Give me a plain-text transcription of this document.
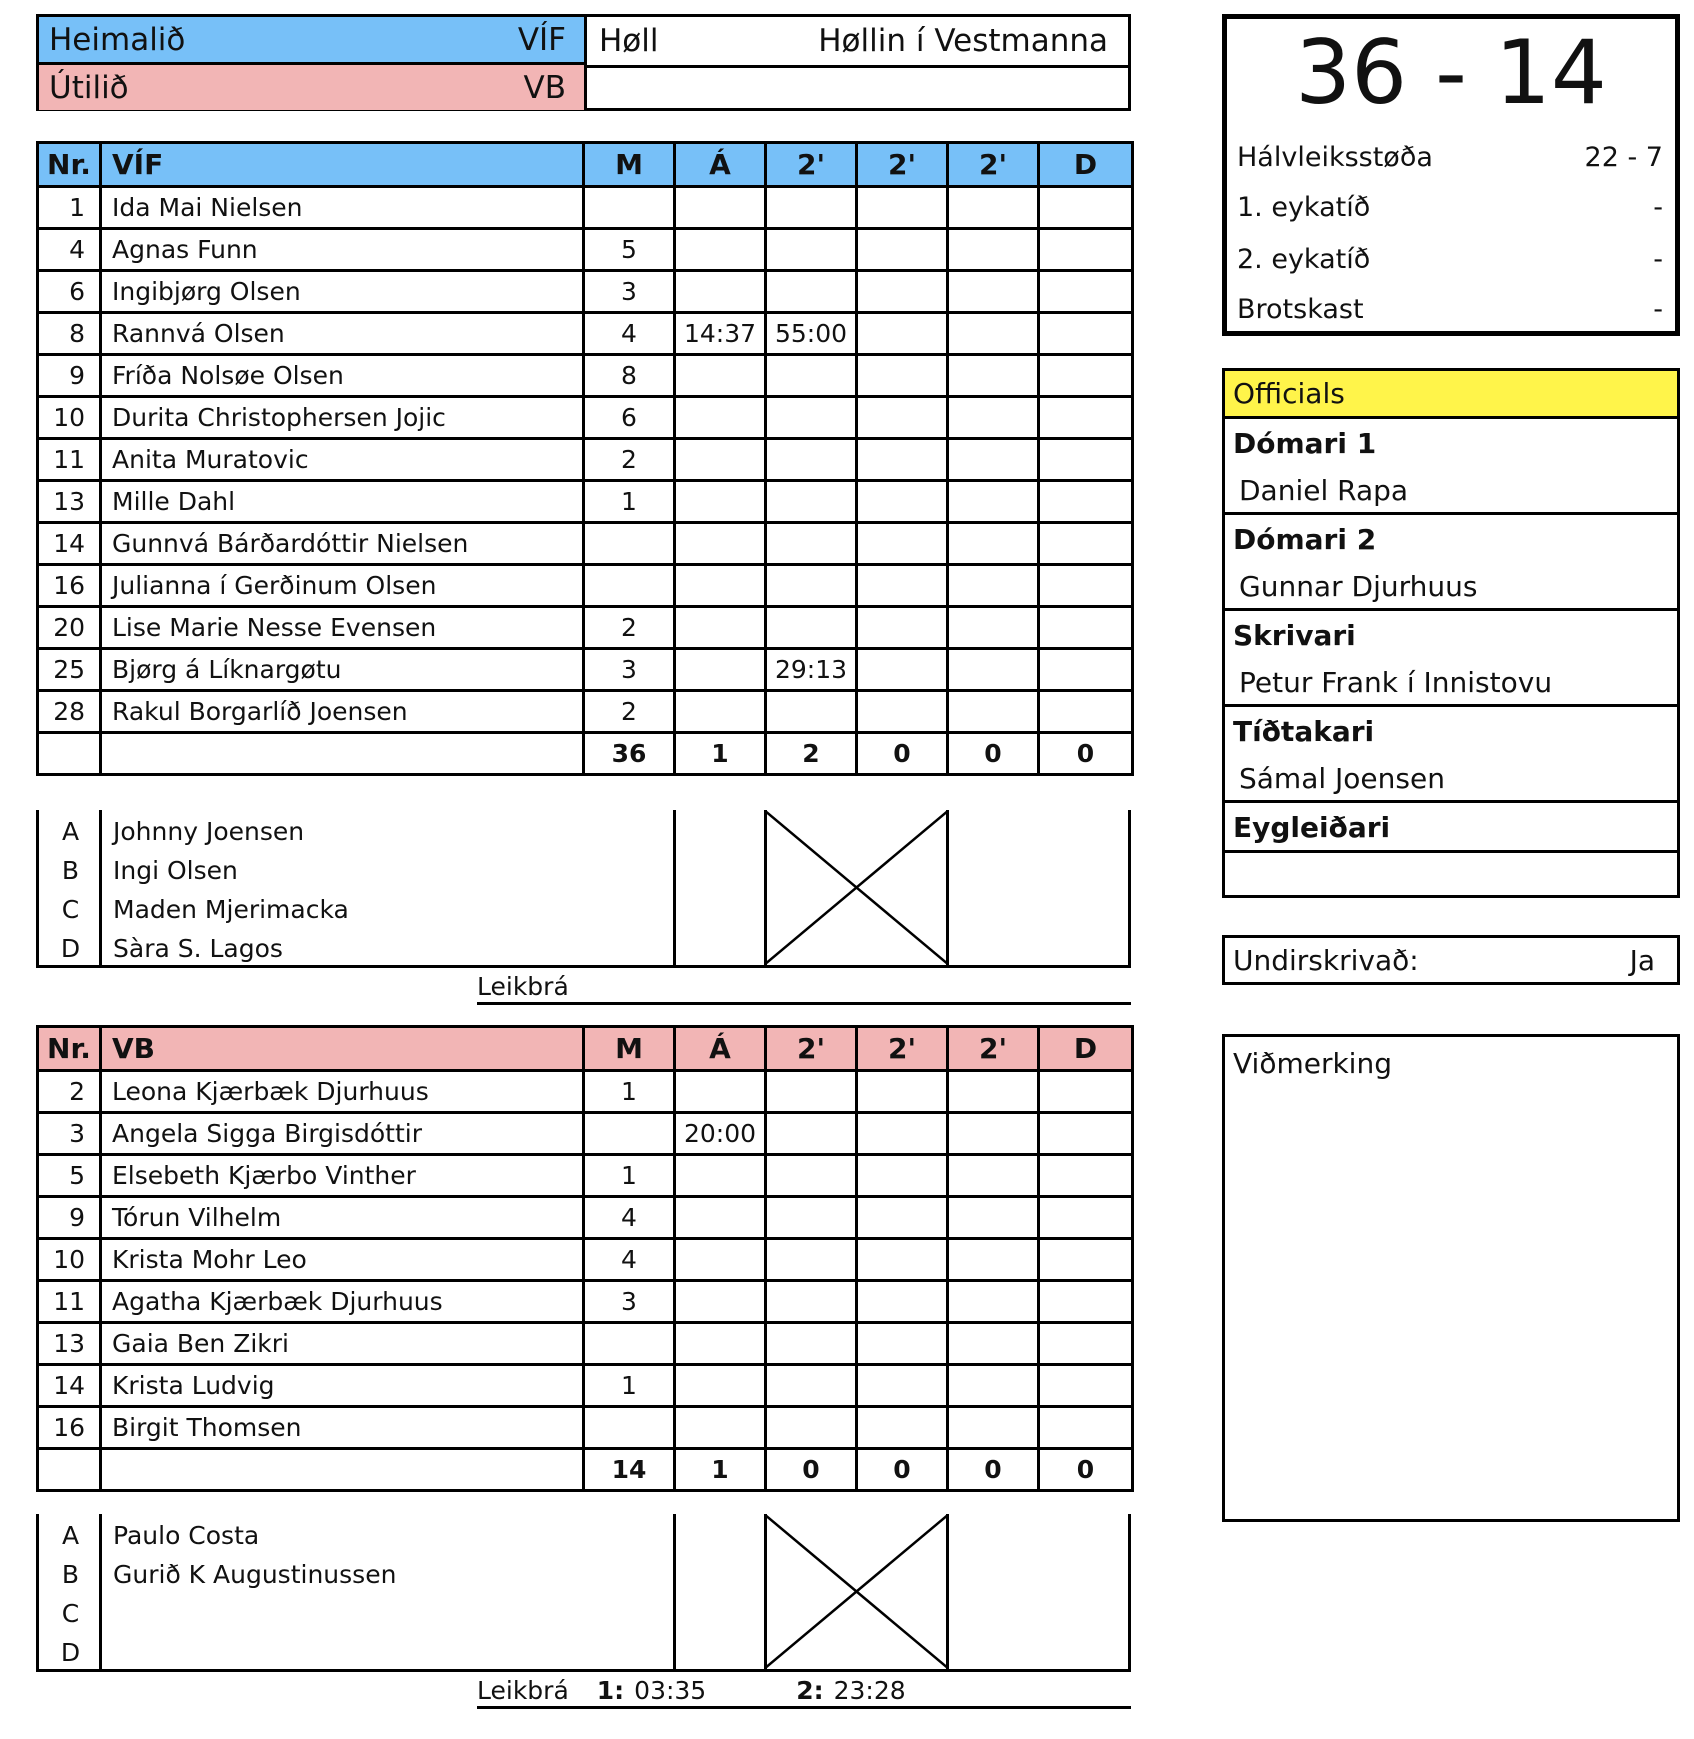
Heimalið	VÍF
Útilið	VB
Høll	Høllin í Vestmanna
Nr.	VÍF	M	Á	2'	2'	2'	D
1	Ida Mai Nielsen						
4	Agnas Funn	5					
6	Ingibjørg Olsen	3					
8	Rannvá Olsen	4	14:37	55:00			
9	Fríða Nolsøe Olsen	8					
10	Durita Christophersen Jojic	6					
11	Anita Muratovic	2					
13	Mille Dahl	1					
14	Gunnvá Bárðardóttir Nielsen						
16	Julianna í Gerðinum Olsen						
20	Lise Marie Nesse Evensen	2					
25	Bjørg á Líknargøtu	3		29:13			
28	Rakul Borgarlíð Joensen	2					
		36	1	2	0	0	0
A	Johnny Joensen
B	Ingi Olsen
C	Maden Mjerimacka
D	Sàra S. Lagos
Leikbrá
Nr.	VB	M	Á	2'	2'	2'	D
2	Leona Kjærbæk Djurhuus	1					
3	Angela Sigga Birgisdóttir		20:00				
5	Elsebeth Kjærbo Vinther	1					
9	Tórun Vilhelm	4					
10	Krista Mohr Leo	4					
11	Agatha Kjærbæk Djurhuus	3					
13	Gaia Ben Zikri						
14	Krista Ludvig	1					
16	Birgit Thomsen						
		14	1	0	0	0	0
A	Paulo Costa
B	Gurið K Augustinussen
C
D
Leikbrá 1: 03:35	2: 23:28
36 - 14
Hálvleiksstøða	22 - 7
1. eykatíð	-
2. eykatíð	-
Brotskast	-
Officials
Dómari 1
Daniel Rapa
Dómari 2
Gunnar Djurhuus
Skrivari
Petur Frank í Innistovu
Tíðtakari
Sámal Joensen
Eygleiðari
Undirskrivað:	Ja
Viðmerking
